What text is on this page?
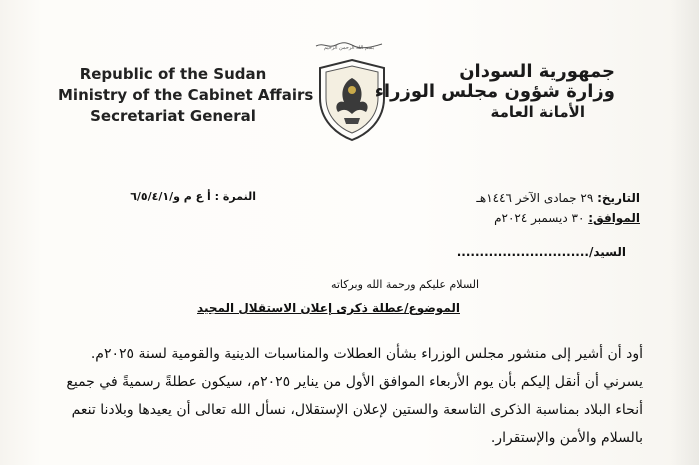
بسم الله الرحمن الرحيم
Republic of the Sudan
Ministry of the Cabinet Affairs
Secretariat General
جمهورية السودان
وزارة شؤون مجلس الوزراء
الأمانة العامة
التاريخ: ٢٩ جمادى الآخر ١٤٤٦هـ
الموافق: ٣٠ ديسمبر ٢٠٢٤م
النمرة : أ ع م و/٦/٥/٤/١
السيد/.............................
السلام عليكم ورحمة الله وبركاته
الموضوع/عطلة ذكرى إعلان الاستقلال المجيد
أود أن أشير إلى منشور مجلس الوزراء بشأن العطلات والمناسبات الدينية والقومية لسنة ٢٠٢٥م.
يسرني أن أنقل إليكم بأن يوم الأربعاء الموافق الأول من يناير ٢٠٢٥م، سيكون عطلةً رسميةً في جميع
أنحاء البلاد بمناسبة الذكرى التاسعة والستين لإعلان الإستقلال، نسأل الله تعالى أن يعيدها وبلادنا تنعم
بالسلام والأمن والإستقرار.
